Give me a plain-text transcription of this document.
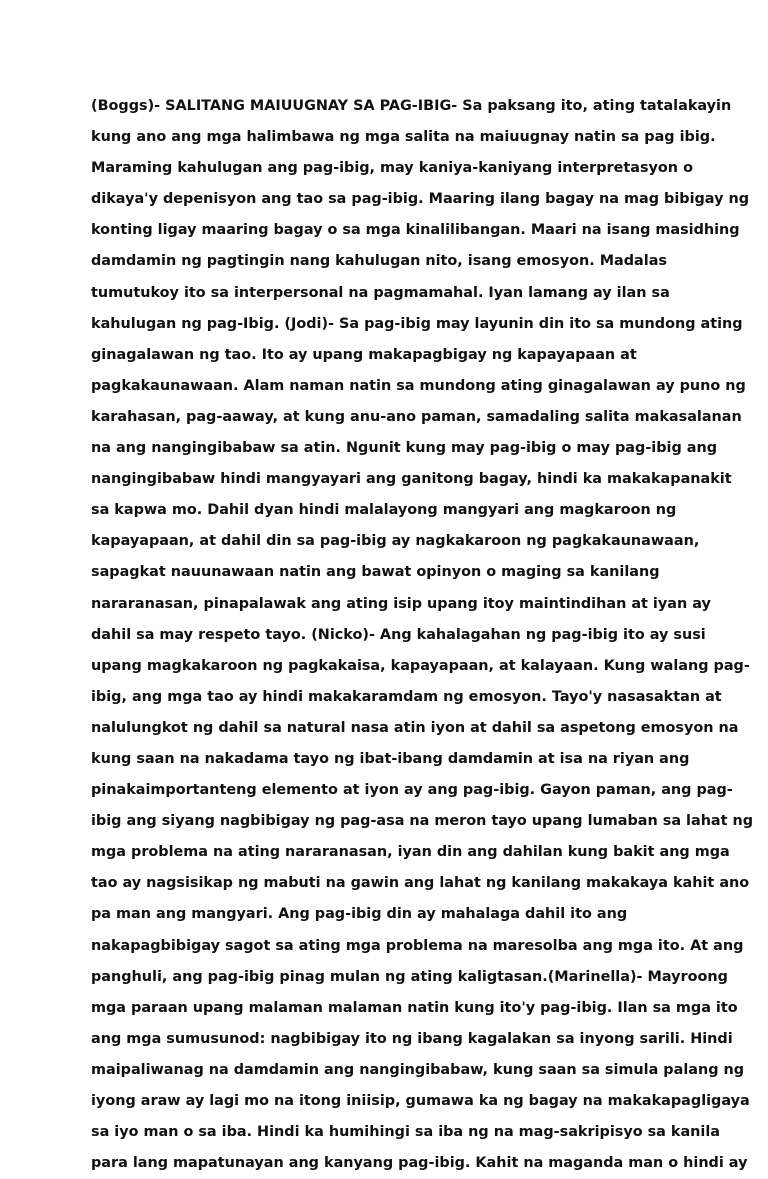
(Boggs)- SALITANG MAIUUGNAY SA PAG-IBIG- Sa paksang ito, ating tatalakayin
kung ano ang mga halimbawa ng mga salita na maiuugnay natin sa pag ibig.
Maraming kahulugan ang pag-ibig, may kaniya-kaniyang interpretasyon o
dikaya'y depenisyon ang tao sa pag-ibig. Maaring ilang bagay na mag bibigay ng
konting ligay maaring bagay o sa mga kinalilibangan. Maari na isang masidhing
damdamin ng pagtingin nang kahulugan nito, isang emosyon. Madalas
tumutukoy ito sa interpersonal na pagmamahal. Iyan lamang ay ilan sa
kahulugan ng pag-Ibig. (Jodi)- Sa pag-ibig may layunin din ito sa mundong ating
ginagalawan ng tao. Ito ay upang makapagbigay ng kapayapaan at
pagkakaunawaan. Alam naman natin sa mundong ating ginagalawan ay puno ng
karahasan, pag-aaway, at kung anu-ano paman, samadaling salita makasalanan
na ang nangingibabaw sa atin. Ngunit kung may pag-ibig o may pag-ibig ang
nangingibabaw hindi mangyayari ang ganitong bagay, hindi ka makakapanakit
sa kapwa mo. Dahil dyan hindi malalayong mangyari ang magkaroon ng
kapayapaan, at dahil din sa pag-ibig ay nagkakaroon ng pagkakaunawaan,
sapagkat nauunawaan natin ang bawat opinyon o maging sa kanilang
nararanasan, pinapalawak ang ating isip upang itoy maintindihan at iyan ay
dahil sa may respeto tayo. (Nicko)- Ang kahalagahan ng pag-ibig ito ay susi
upang magkakaroon ng pagkakaisa, kapayapaan, at kalayaan. Kung walang pag-
ibig, ang mga tao ay hindi makakaramdam ng emosyon. Tayo'y nasasaktan at
nalulungkot ng dahil sa natural nasa atin iyon at dahil sa aspetong emosyon na
kung saan na nakadama tayo ng ibat-ibang damdamin at isa na riyan ang
pinakaimportanteng elemento at iyon ay ang pag-ibig. Gayon paman, ang pag-
ibig ang siyang nagbibigay ng pag-asa na meron tayo upang lumaban sa lahat ng
mga problema na ating nararanasan, iyan din ang dahilan kung bakit ang mga
tao ay nagsisikap ng mabuti na gawin ang lahat ng kanilang makakaya kahit ano
pa man ang mangyari. Ang pag-ibig din ay mahalaga dahil ito ang
nakapagbibigay sagot sa ating mga problema na maresolba ang mga ito. At ang
panghuli, ang pag-ibig pinag mulan ng ating kaligtasan.(Marinella)- Mayroong
mga paraan upang malaman malaman natin kung ito'y pag-ibig. Ilan sa mga ito
ang mga sumusunod: nagbibigay ito ng ibang kagalakan sa inyong sarili. Hindi
maipaliwanag na damdamin ang nangingibabaw, kung saan sa simula palang ng
iyong araw ay lagi mo na itong iniisip, gumawa ka ng bagay na makakapagligaya
sa iyo man o sa iba. Hindi ka humihingi sa iba ng na mag-sakripisyo sa kanila
para lang mapatunayan ang kanyang pag-ibig. Kahit na maganda man o hindi ay
